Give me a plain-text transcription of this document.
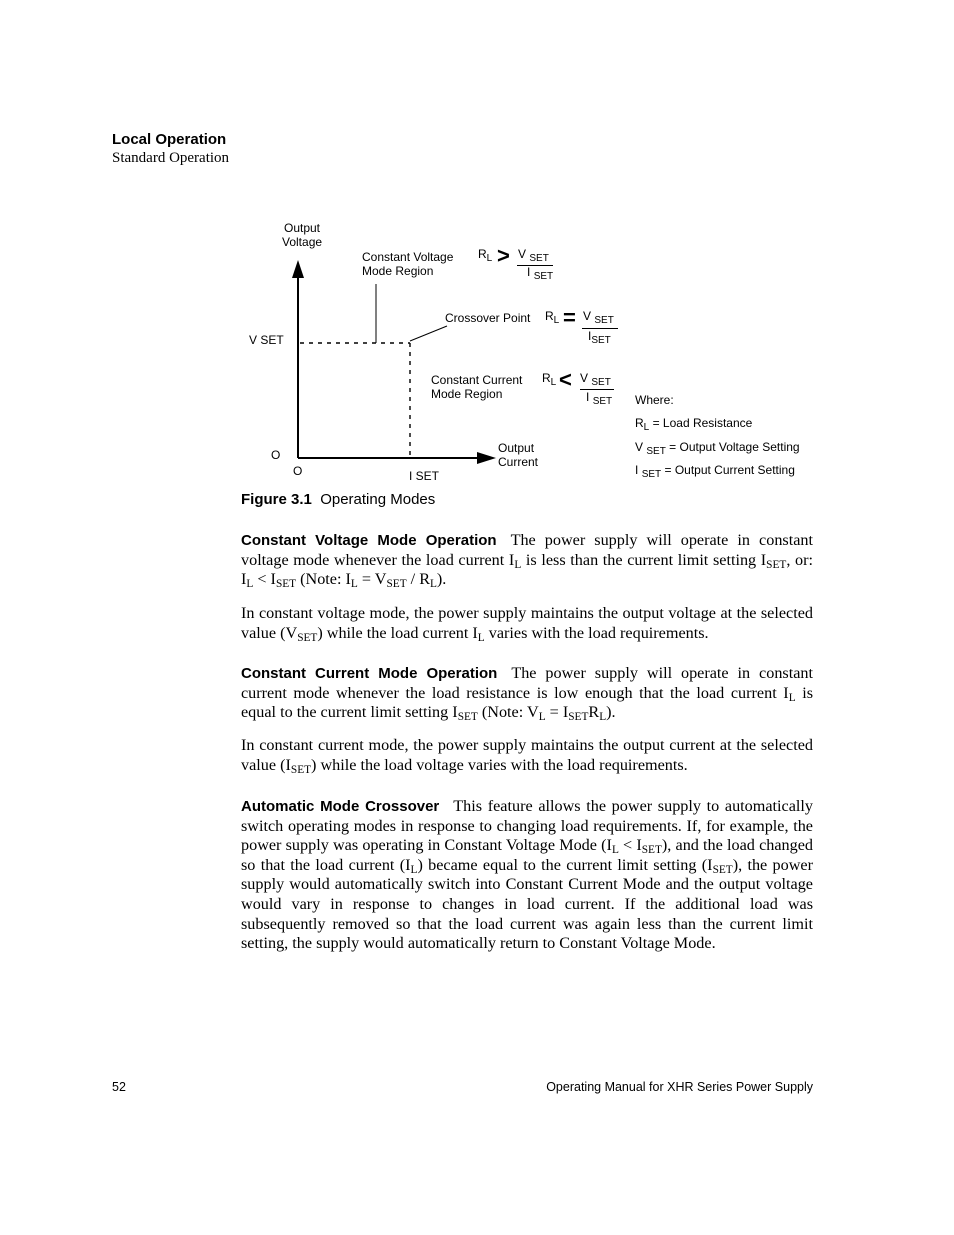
Local Operation
Standard Operation
Output
Voltage
Output
Current
V SET
I SET
O
O
Constant Voltage
Mode Region
Crossover Point
Constant Current
Mode Region
$R_L > V$ $_{SET}$
I $_{SET}$
$R_L = V$ $_{SET}$
$I_{SET}$
$R_L < V$ $_{SET}$
I $_{SET}$ Where:
$R_L$ = Load Resistance
V $_{SET}$ = Output Voltage Setting
I $_{SET}$ = Output Current Setting
Figure 3.1 Operating Modes
Constant Voltage Mode Operation The power supply will operate in constant voltage mode whenever the load current $I_L$ is less than the current limit setting $I_{SET}$, or: $I_L < I_{SET}$ (Note: $I_L = V_{SET} / R_L$).
In constant voltage mode, the power supply maintains the output voltage at the selected value $(V_{SET})$ while the load current $I_L$ varies with the load requirements.
Constant Current Mode Operation The power supply will operate in constant current mode whenever the load resistance is low enough that the load current $I_L$ is equal to the current limit setting $I_{SET}$ (Note: $V_L = I_{SET}R_L$).
In constant current mode, the power supply maintains the output current at the selected value $(I_{SET})$ while the load voltage varies with the load requirements.
Automatic Mode Crossover This feature allows the power supply to automatically switch operating modes in response to changing load requirements. If, for example, the power supply was operating in Constant Voltage Mode $(I_L < I_{SET})$, and the load changed so that the load current $(I_L)$ became equal to the current limit setting $(I_{SET})$, the power supply would automatically switch into Constant Current Mode and the output voltage would vary in response to changes in load current. If the additional load was subsequently removed so that the load current was again less than the current limit setting, the supply would automatically return to Constant Voltage Mode.
52	Operating Manual for XHR Series Power Supply
